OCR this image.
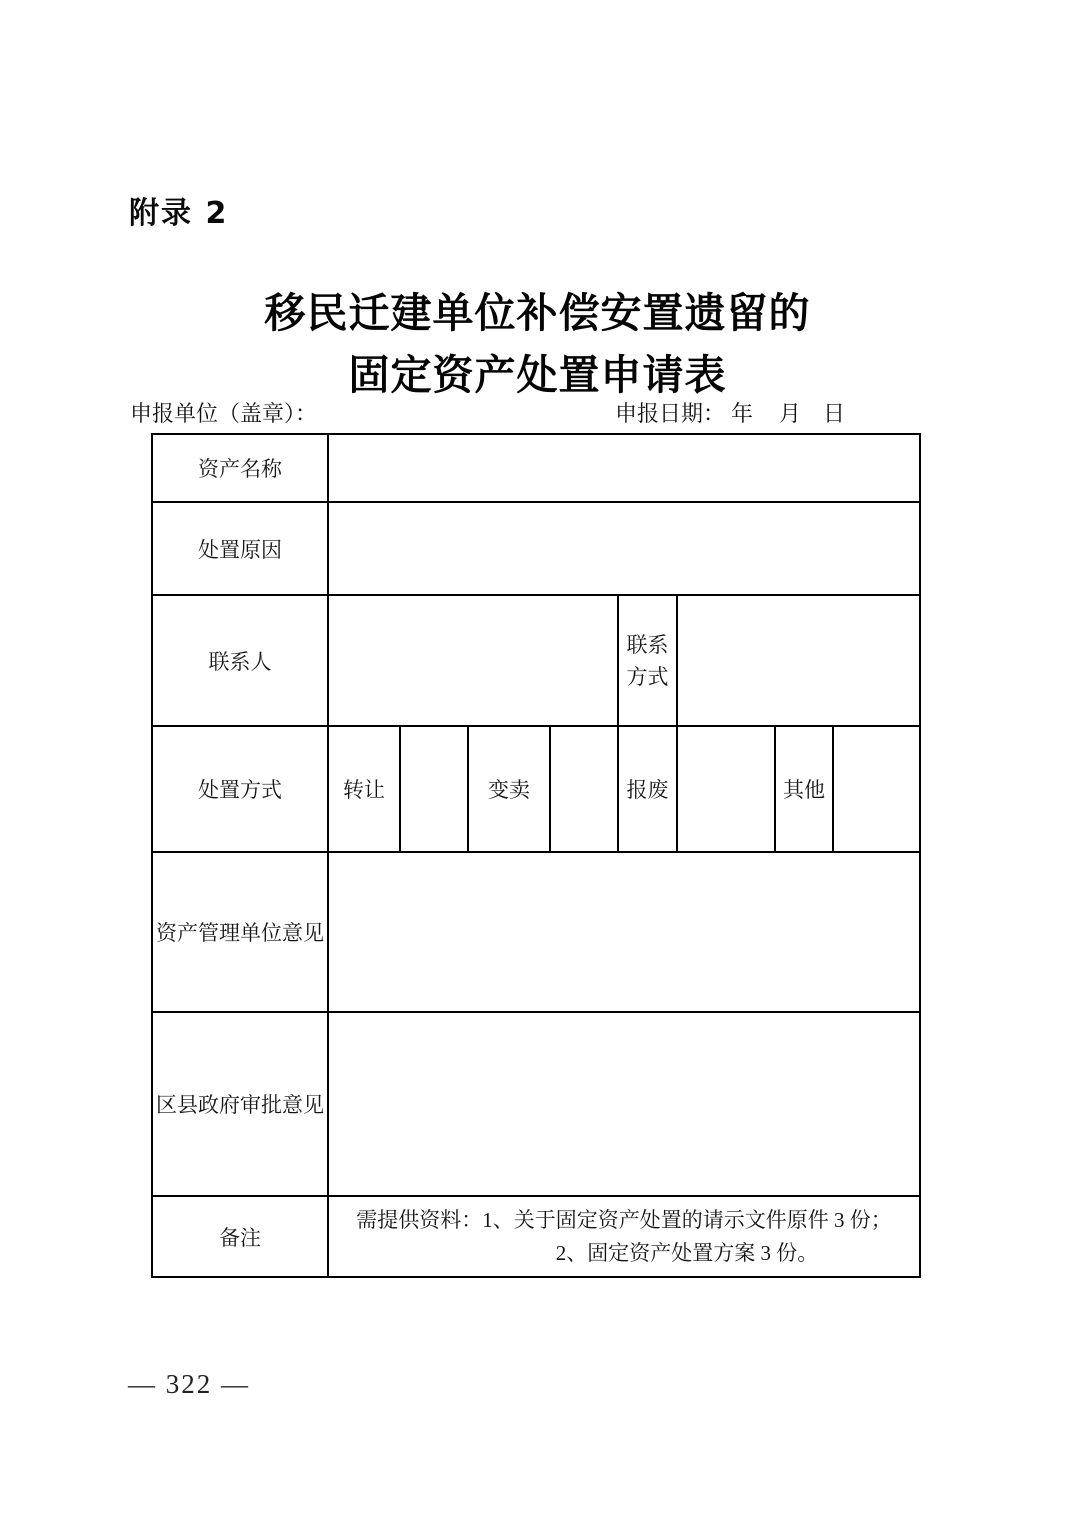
附录 2
移民迁建单位补偿安置遗留的
固定资产处置申请表
申报单位（盖章）：	申报日期： 年 月 日
资产名称								
处置原因								
联系人					联系方式			
处置方式	转让		变卖		报废		其他	
资产管理单位意见								
区县政府审批意见								
备注	需提供资料：1、关于固定资产处置的请示文件原件 3 份；
2、固定资产处置方案 3 份。							
— 322 —
